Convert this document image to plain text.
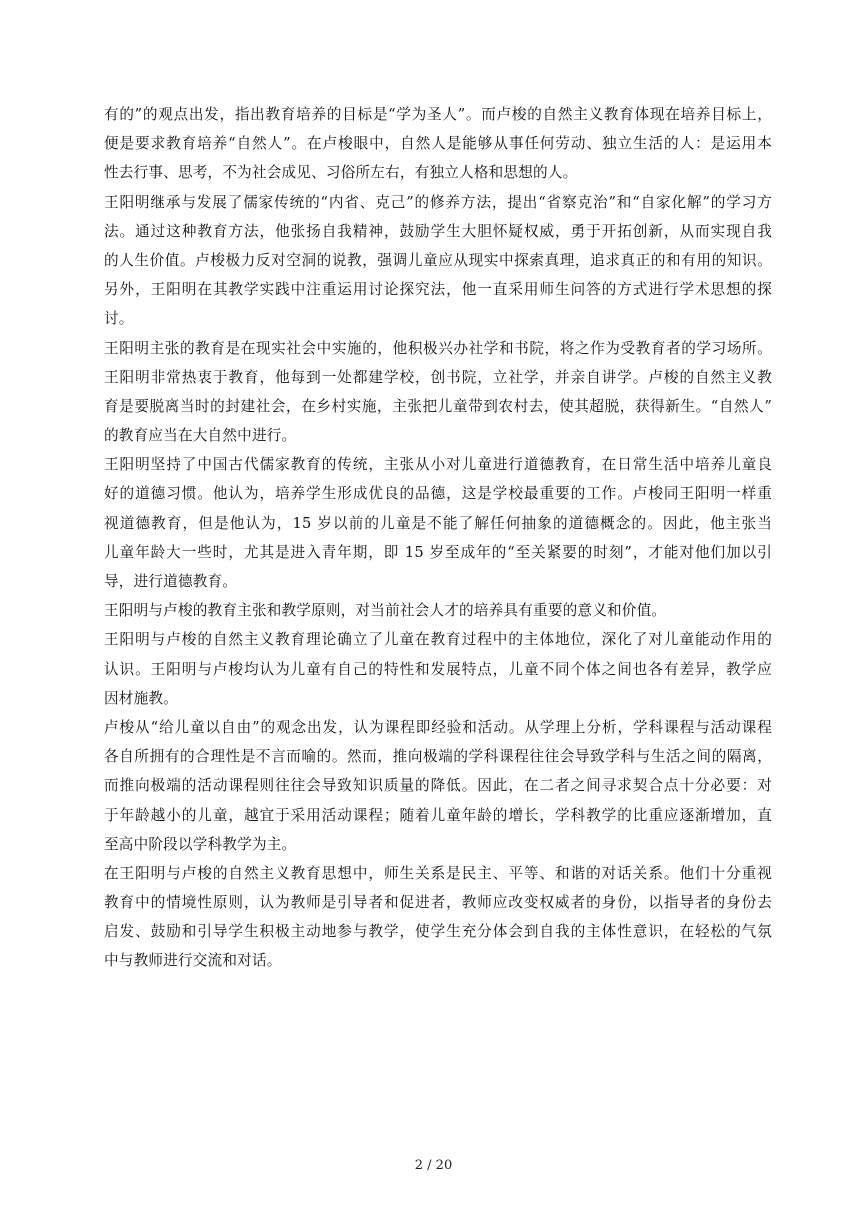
有的”的观点出发，指出教育培养的目标是“学为圣人”。而卢梭的自然主义教育体现在培养目标上，
便是要求教育培养“自然人”。在卢梭眼中，自然人是能够从事任何劳动、独立生活的人：是运用本
性去行事、思考，不为社会成见、习俗所左右，有独立人格和思想的人。
王阳明继承与发展了儒家传统的“内省、克己”的修养方法，提出“省察克治”和“自家化解”的学习方
法。通过这种教育方法，他张扬自我精神，鼓励学生大胆怀疑权威，勇于开拓创新，从而实现自我
的人生价值。卢梭极力反对空洞的说教，强调儿童应从现实中探索真理，追求真正的和有用的知识。
另外，王阳明在其教学实践中注重运用讨论探究法，他一直采用师生问答的方式进行学术思想的探
讨。
王阳明主张的教育是在现实社会中实施的，他积极兴办社学和书院，将之作为受教育者的学习场所。
王阳明非常热衷于教育，他每到一处都建学校，创书院，立社学，并亲自讲学。卢梭的自然主义教
育是要脱离当时的封建社会，在乡村实施，主张把儿童带到农村去，使其超脱，获得新生。“自然人”
的教育应当在大自然中进行。
王阳明坚持了中国古代儒家教育的传统，主张从小对儿童进行道德教育，在日常生活中培养儿童良
好的道德习惯。他认为，培养学生形成优良的品德，这是学校最重要的工作。卢梭同王阳明一样重
视道德教育，但是他认为，15 岁以前的儿童是不能了解任何抽象的道德概念的。因此，他主张当
儿童年龄大一些时，尤其是进入青年期，即 15 岁至成年的“至关紧要的时刻”，才能对他们加以引
导，进行道德教育。
王阳明与卢梭的教育主张和教学原则，对当前社会人才的培养具有重要的意义和价值。
王阳明与卢梭的自然主义教育理论确立了儿童在教育过程中的主体地位，深化了对儿童能动作用的
认识。王阳明与卢梭均认为儿童有自己的特性和发展特点，儿童不同个体之间也各有差异，教学应
因材施教。
卢梭从“给儿童以自由”的观念出发，认为课程即经验和活动。从学理上分析，学科课程与活动课程
各自所拥有的合理性是不言而喻的。然而，推向极端的学科课程往往会导致学科与生活之间的隔离，
而推向极端的活动课程则往往会导致知识质量的降低。因此，在二者之间寻求契合点十分必要：对
于年龄越小的儿童，越宜于采用活动课程；随着儿童年龄的增长，学科教学的比重应逐渐增加，直
至高中阶段以学科教学为主。
在王阳明与卢梭的自然主义教育思想中，师生关系是民主、平等、和谐的对话关系。他们十分重视
教育中的情境性原则，认为教师是引导者和促进者，教师应改变权威者的身份，以指导者的身份去
启发、鼓励和引导学生积极主动地参与教学，使学生充分体会到自我的主体性意识，在轻松的气氛
中与教师进行交流和对话。
2 / 20
